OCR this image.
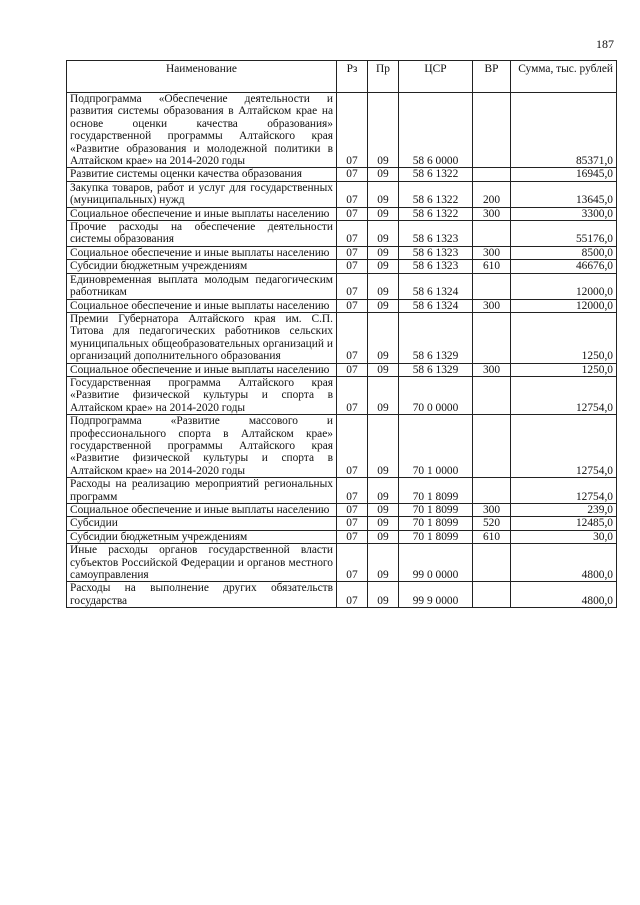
187
Наименование	Рз	Пр	ЦСР	ВР	Сумма, тыс. рублей
Подпрограмма «Обеспечение деятельности и развития системы образования в Алтайском крае на основе оценки качества образования» государственной программы Алтайского края «Развитие образования и молодежной политики в Алтайском крае» на 2014-2020 годы	07	09	58 6 0000		85371,0
Развитие системы оценки качества образования	07	09	58 6 1322		16945,0
Закупка товаров, работ и услуг для государственных (муниципальных) нужд	07	09	58 6 1322	200	13645,0
Социальное обеспечение и иные выплаты населению	07	09	58 6 1322	300	3300,0
Прочие расходы на обеспечение деятельности системы образования	07	09	58 6 1323		55176,0
Социальное обеспечение и иные выплаты населению	07	09	58 6 1323	300	8500,0
Субсидии бюджетным учреждениям	07	09	58 6 1323	610	46676,0
Единовременная выплата молодым педагогическим работникам	07	09	58 6 1324		12000,0
Социальное обеспечение и иные выплаты населению	07	09	58 6 1324	300	12000,0
Премии Губернатора Алтайского края им. С.П. Титова для педагогических работников сельских муниципальных общеобразовательных организаций и организаций дополнительного образования	07	09	58 6 1329		1250,0
Социальное обеспечение и иные выплаты населению	07	09	58 6 1329	300	1250,0
Государственная программа Алтайского края «Развитие физической культуры и спорта в Алтайском крае» на 2014-2020 годы	07	09	70 0 0000		12754,0
Подпрограмма «Развитие массового и профессионального спорта в Алтайском крае» государственной программы Алтайского края «Развитие физической культуры и спорта в Алтайском крае» на 2014-2020 годы	07	09	70 1 0000		12754,0
Расходы на реализацию мероприятий региональных программ	07	09	70 1 8099		12754,0
Социальное обеспечение и иные выплаты населению	07	09	70 1 8099	300	239,0
Субсидии	07	09	70 1 8099	520	12485,0
Субсидии бюджетным учреждениям	07	09	70 1 8099	610	30,0
Иные расходы органов государственной власти субъектов Российской Федерации и органов местного самоуправления	07	09	99 0 0000		4800,0
Расходы на выполнение других обязательств государства	07	09	99 9 0000		4800,0
